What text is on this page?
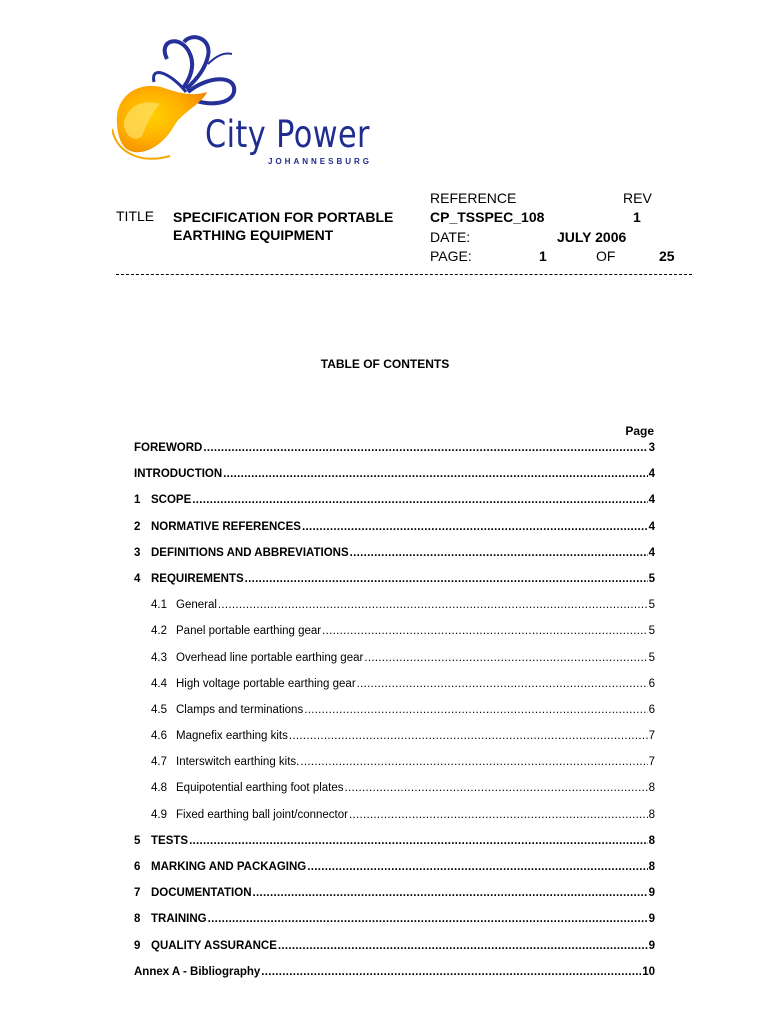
City Power
JOHANNESBURG
TITLE SPECIFICATION FOR PORTABLE
EARTHING EQUIPMENT
REFERENCE	REV
CP_TSSPEC_108	1
DATE:	JULY 2006
PAGE:	1	OF	25
TABLE OF CONTENTS
Page
FOREWORD .....	3
INTRODUCTION .....	4
1 SCOPE .....	4
2 NORMATIVE REFERENCES .....	4
3 DEFINITIONS AND ABBREVIATIONS .....	4
4 REQUIREMENTS .....	5
4.1 General .....	5
4.2 Panel portable earthing gear .....	5
4.3 Overhead line portable earthing gear .....	5
4.4 High voltage portable earthing gear .....	6
4.5 Clamps and terminations .....	6
4.6 Magnefix earthing kits .....	7
4.7 Interswitch earthing kits. .....	7
4.8 Equipotential earthing foot plates .....	8
4.9 Fixed earthing ball joint/connector .....	8
5 TESTS .....	8
6 MARKING AND PACKAGING .....	8
7 DOCUMENTATION .....	9
8 TRAINING .....	9
9 QUALITY ASSURANCE .....	9
Annex A - Bibliography .....	10
